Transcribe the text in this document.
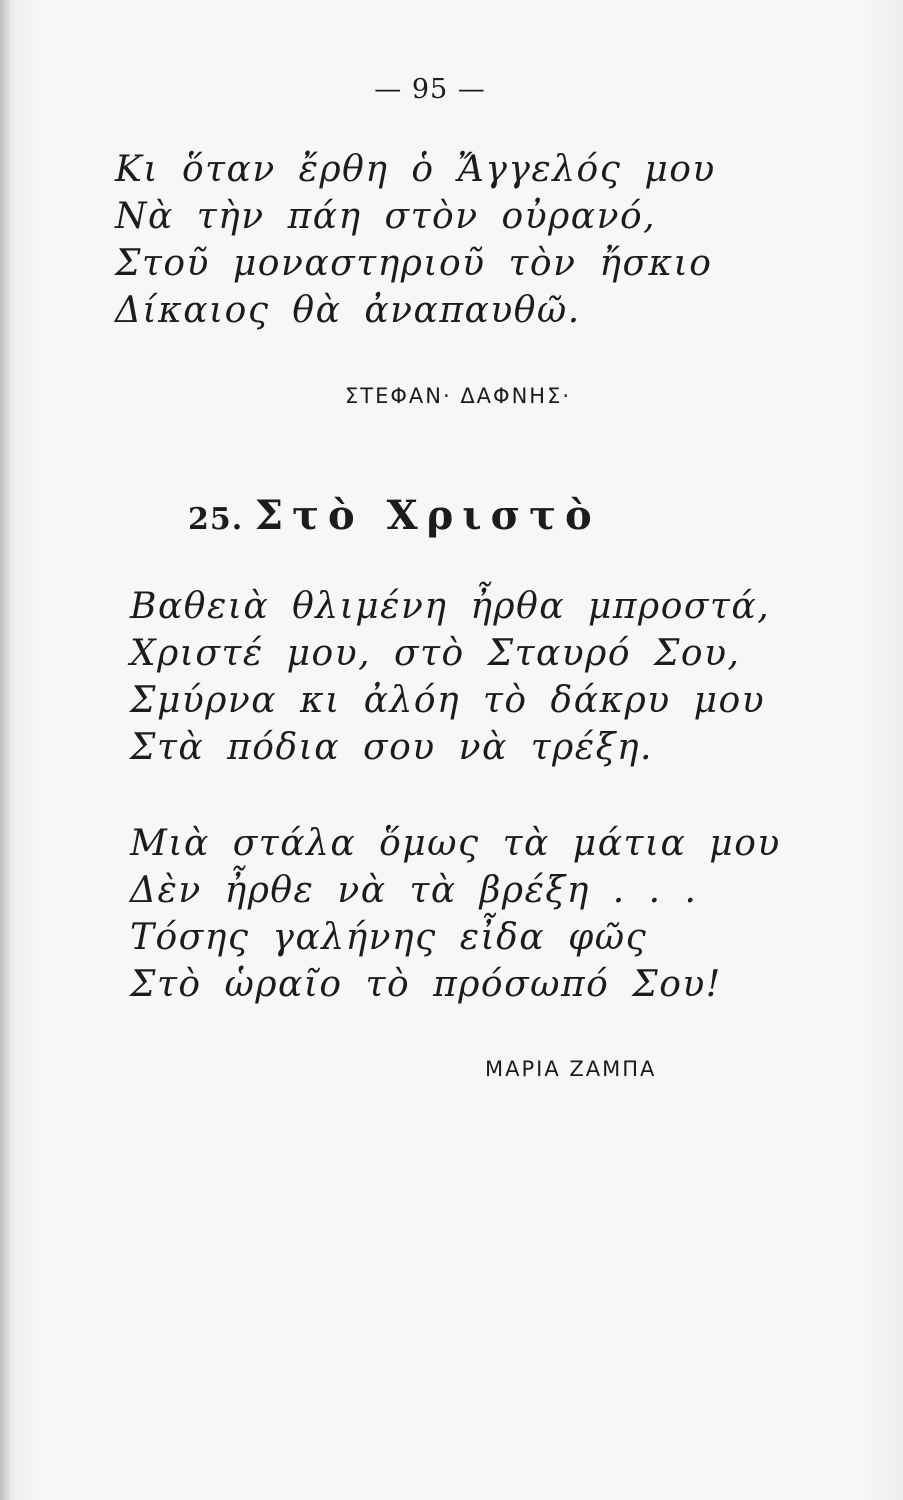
— 95 —
Κι ὅταν ἔρθη ὁ Ἄγγελός μου
Νὰ τὴν πάη στὸν οὐρανό,
Στοῦ μοναστηριοῦ τὸν ἤσκιο
Δίκαιος θὰ ἀναπαυθῶ.
ΣΤΕΦΑΝ· ΔΑΦΝΗΣ·
25. Στὸ Χριστὸ
Βαθειὰ θλιμένη ἦρθα μπροστά,
Χριστέ μου, στὸ Σταυρό Σου,
Σμύρνα κι ἀλόη τὸ δάκρυ μου
Στὰ πόδια σου νὰ τρέξη.
Μιὰ στάλα ὅμως τὰ μάτια μου
Δὲν ἦρθε νὰ τὰ βρέξη . . .
Τόσης γαλήνης εἶδα φῶς
Στὸ ὡραῖο τὸ πρόσωπό Σου!
ΜΑΡΙΑ ΖΑΜΠΑ
